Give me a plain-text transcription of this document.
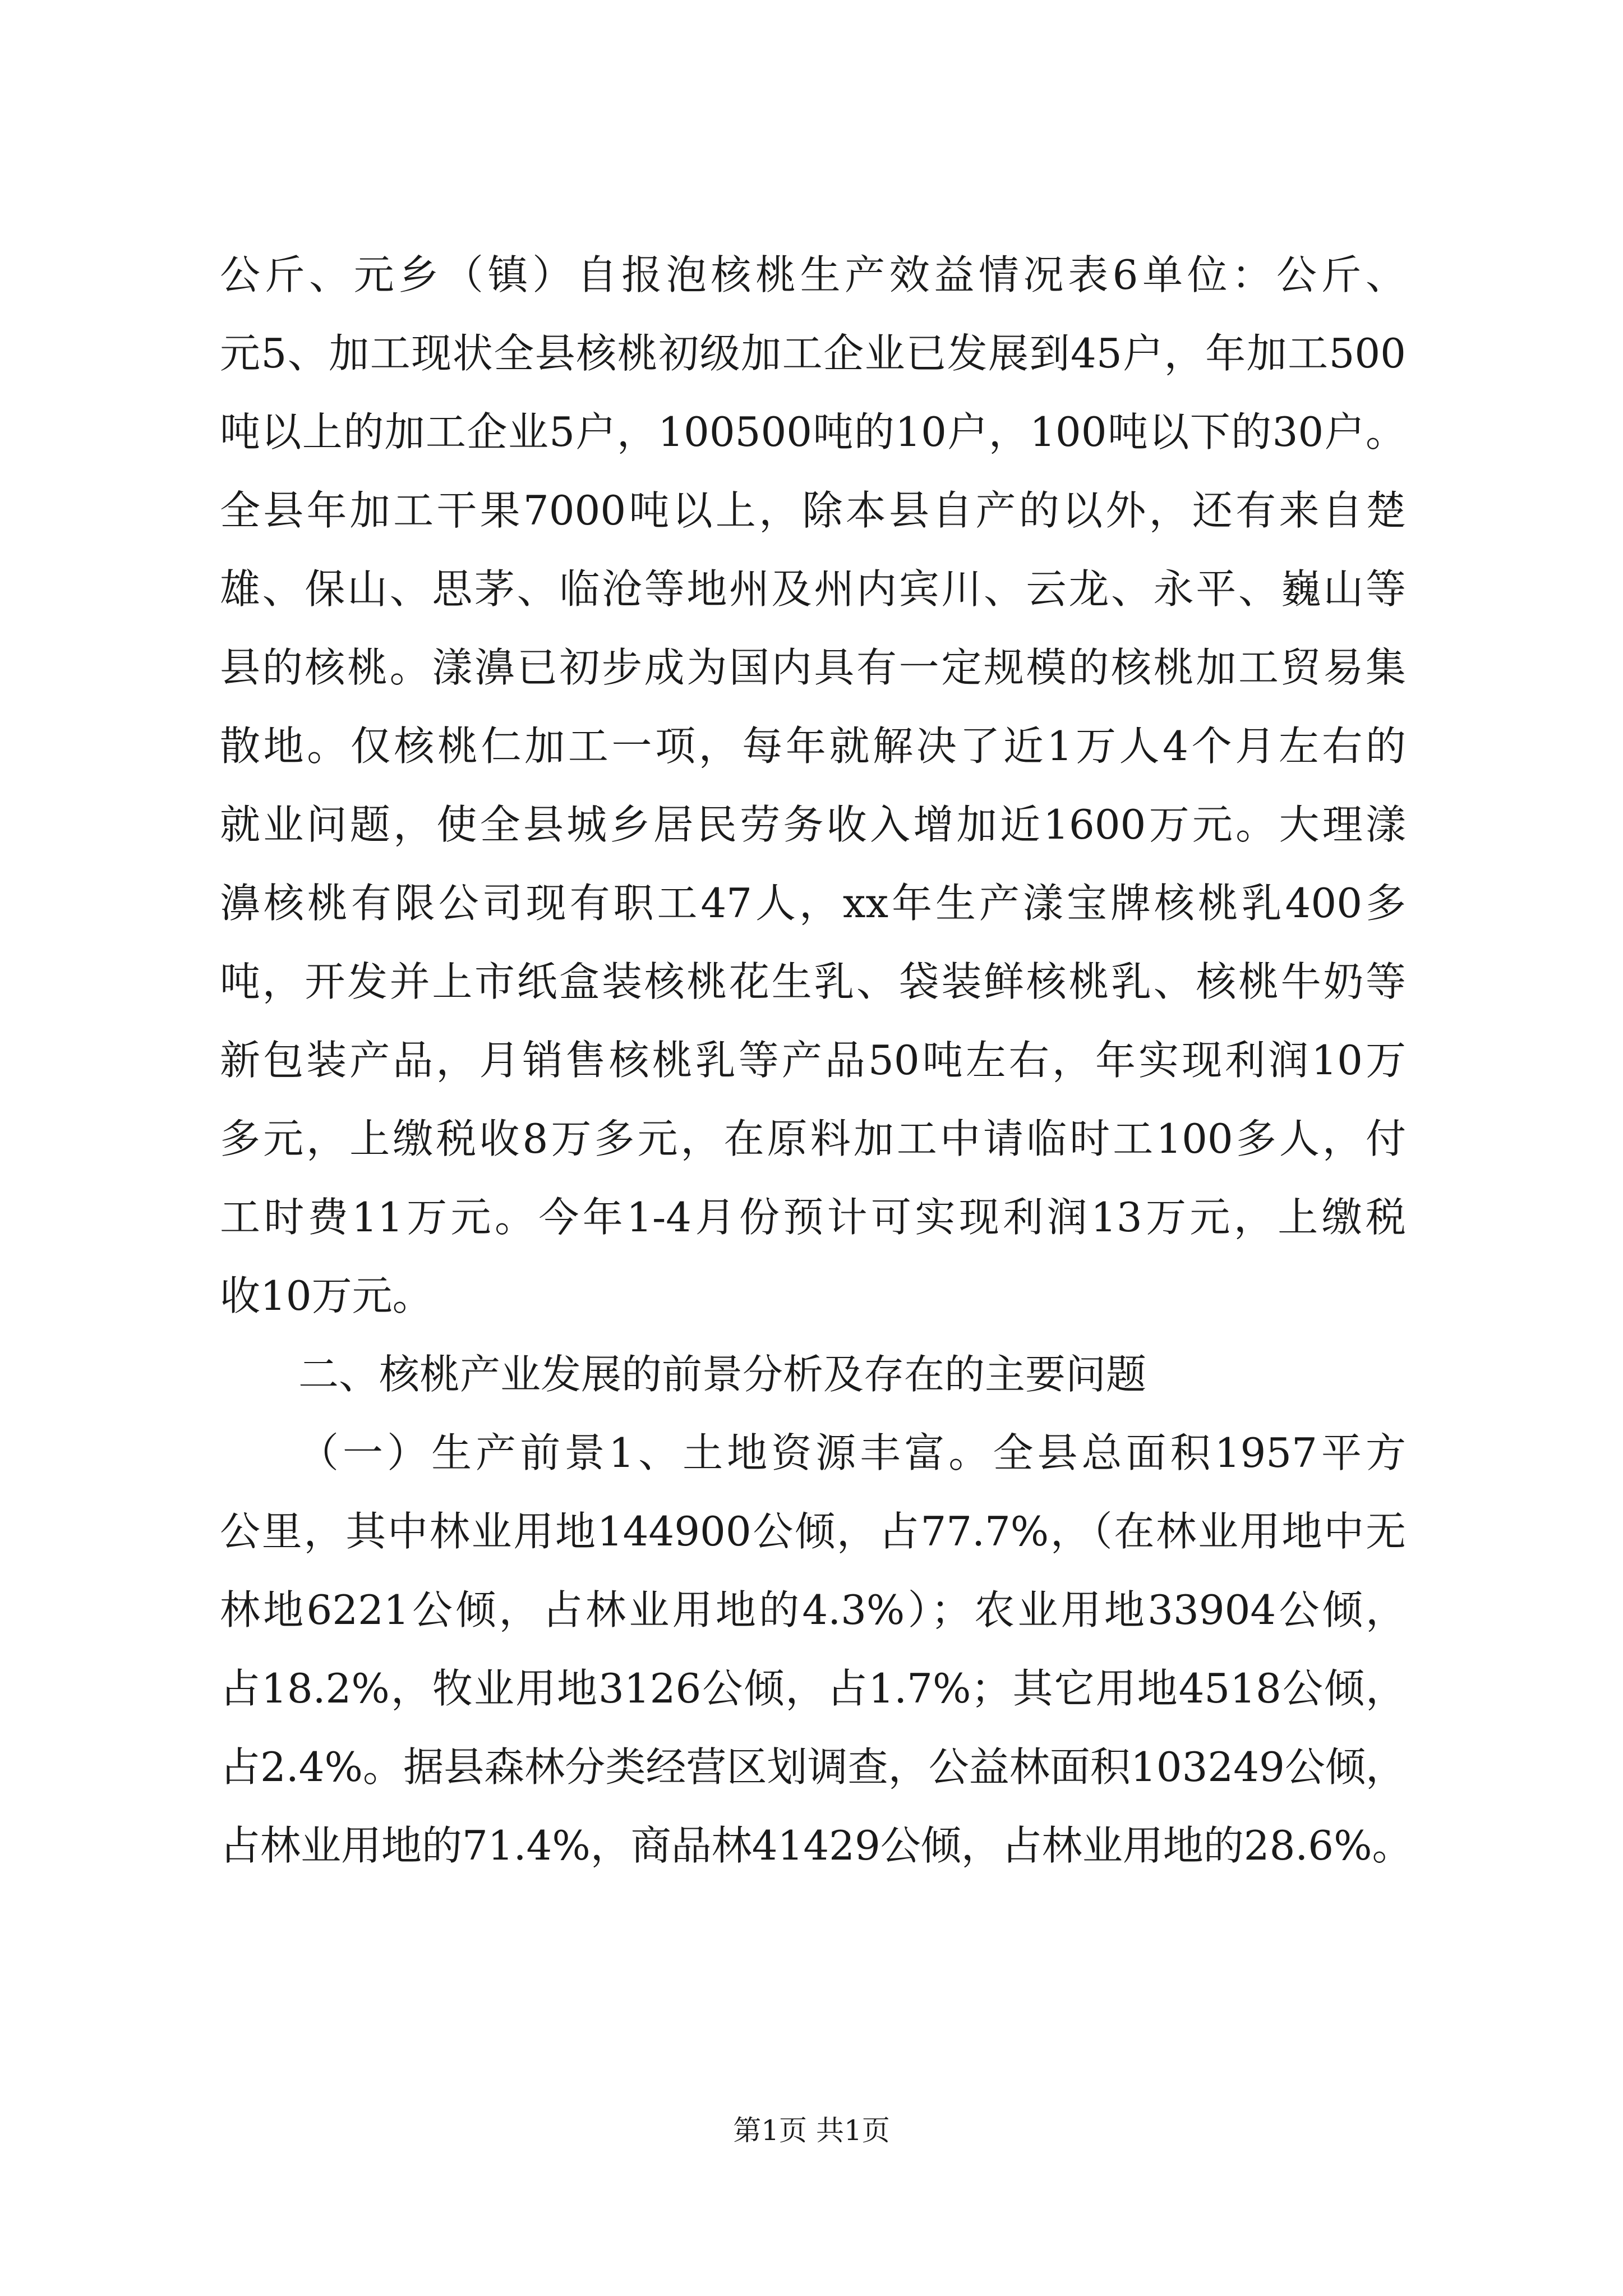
公斤、元乡（镇）自报泡核桃生产效益情况表6单位：公斤、
元5、加工现状全县核桃初级加工企业已发展到45户，年加工500
吨以上的加工企业5户，100500吨的10户，100吨以下的30户。
全县年加工干果7000吨以上，除本县自产的以外，还有来自楚
雄、保山、思茅、临沧等地州及州内宾川、云龙、永平、巍山等
县的核桃。漾濞已初步成为国内具有一定规模的核桃加工贸易集
散地。仅核桃仁加工一项，每年就解决了近1万人4个月左右的
就业问题，使全县城乡居民劳务收入增加近1600万元。大理漾
濞核桃有限公司现有职工47人，xx年生产漾宝牌核桃乳400多
吨，开发并上市纸盒装核桃花生乳、袋装鲜核桃乳、核桃牛奶等
新包装产品，月销售核桃乳等产品50吨左右，年实现利润10万
多元，上缴税收8万多元，在原料加工中请临时工100多人，付
工时费11万元。今年1-4月份预计可实现利润13万元，上缴税
收10万元。
二、核桃产业发展的前景分析及存在的主要问题
（一）生产前景1、土地资源丰富。全县总面积1957平方
公里，其中林业用地144900公倾，占77.7%，（在林业用地中无
林地6221公倾，占林业用地的4.3%）；农业用地33904公倾，
占18.2%，牧业用地3126公倾，占1.7%；其它用地4518公倾，
占2.4%。据县森林分类经营区划调查，公益林面积103249公倾，
占林业用地的71.4%，商品林41429公倾，占林业用地的28.6%。
第1页 共1页
